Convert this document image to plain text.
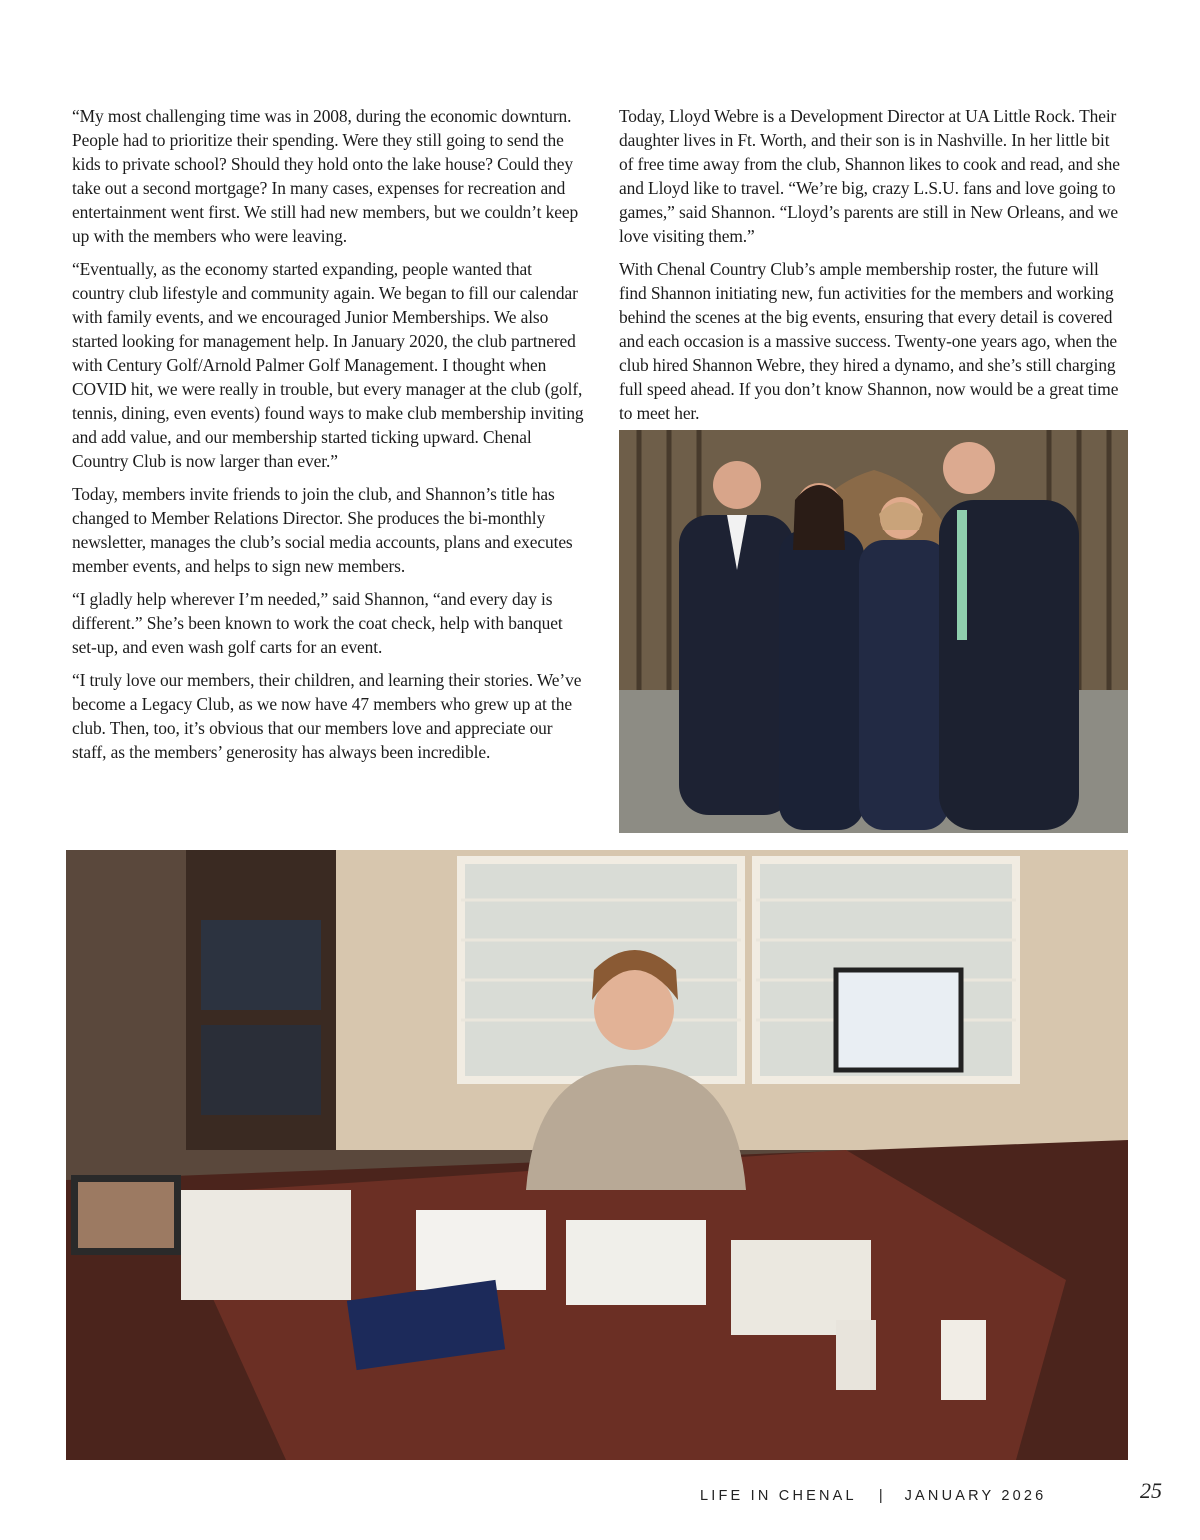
“My most challenging time was in 2008, during the economic downturn. People had to prioritize their spending. Were they still going to send the kids to private school? Should they hold onto the lake house? Could they take out a second mortgage? In many cases, expenses for recreation and entertainment went first. We still had new members, but we couldn’t keep up with the members who were leaving.

“Eventually, as the economy started expanding, people wanted that country club lifestyle and community again. We began to fill our calendar with family events, and we encouraged Junior Memberships. We also started looking for management help. In January 2020, the club partnered with Century Golf/Arnold Palmer Golf Management. I thought when COVID hit, we were really in trouble, but every manager at the club (golf, tennis, dining, even events) found ways to make club membership inviting and add value, and our membership started ticking upward. Chenal Country Club is now larger than ever.”

Today, members invite friends to join the club, and Shannon’s title has changed to Member Relations Director. She produces the bi-monthly newsletter, manages the club’s social media accounts, plans and executes member events, and helps to sign new members.

“I gladly help wherever I’m needed,” said Shannon, “and every day is different.” She’s been known to work the coat check, help with banquet set-up, and even wash golf carts for an event.

“I truly love our members, their children, and learning their stories. We’ve become a Legacy Club, as we now have 47 members who grew up at the club. Then, too, it’s obvious that our members love and appreciate our staff, as the members’ generosity has always been incredible.

Today, Lloyd Webre is a Development Director at UA Little Rock. Their daughter lives in Ft. Worth, and their son is in Nashville. In her little bit of free time away from the club, Shannon likes to cook and read, and she and Lloyd like to travel. “We’re big, crazy L.S.U. fans and love going to games,” said Shannon. “Lloyd’s parents are still in New Orleans, and we love visiting them.”

With Chenal Country Club’s ample membership roster, the future will find Shannon initiating new, fun activities for the members and working behind the scenes at the big events, ensuring that every detail is covered and each occasion is a massive success. Twenty-one years ago, when the club hired Shannon Webre, they hired a dynamo, and she’s still charging full speed ahead. If you don’t know Shannon, now would be a great time to meet her.

LIFE IN CHENAL | JANUARY 2026	25
